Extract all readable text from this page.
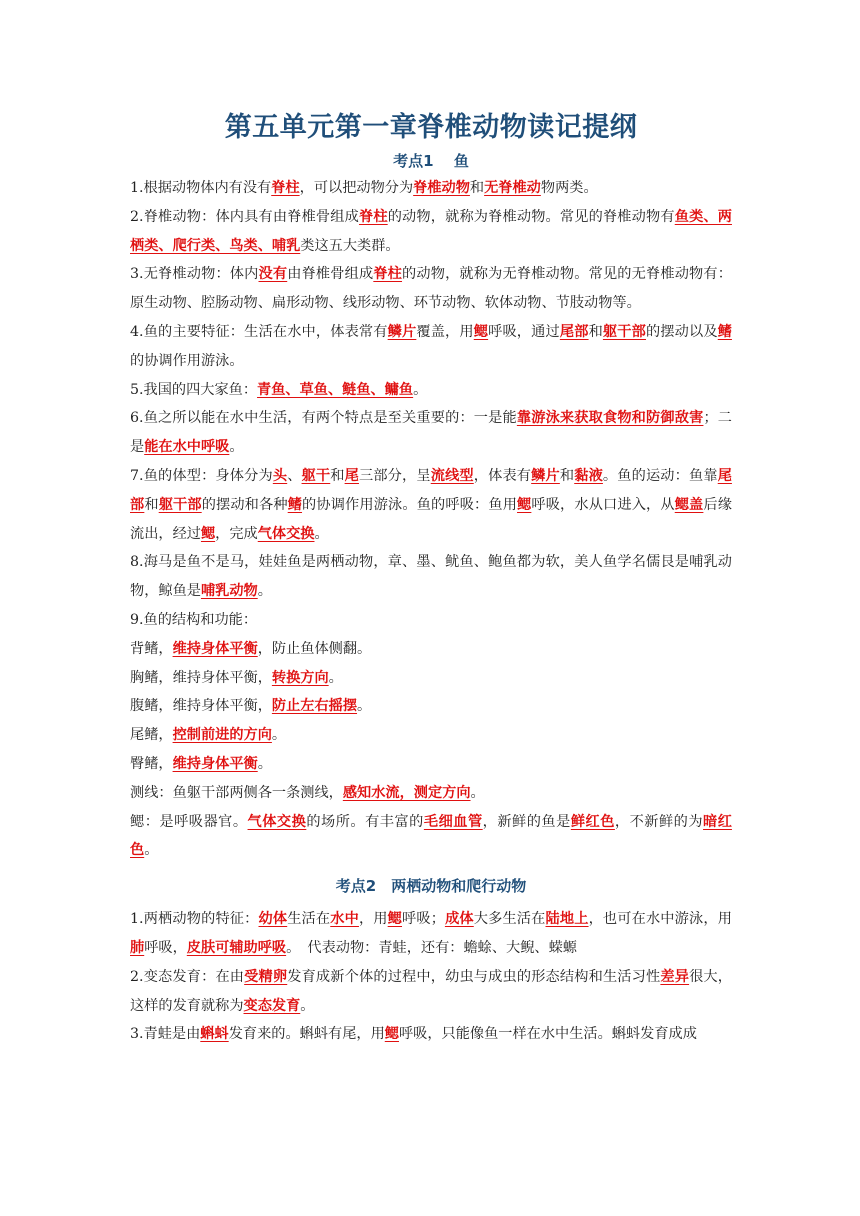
第五单元第一章脊椎动物读记提纲
考点1　 鱼

1.根据动物体内有没有脊柱，可以把动物分为脊椎动物和无脊椎动物两类。

2.脊椎动物：体内具有由脊椎骨组成脊柱的动物，就称为脊椎动物。常见的脊椎动物有鱼类、两栖类、爬行类、鸟类、哺乳类这五大类群。

3.无脊椎动物：体内没有由脊椎骨组成脊柱的动物，就称为无脊椎动物。常见的无脊椎动物有：原生动物、腔肠动物、扁形动物、线形动物、环节动物、软体动物、节肢动物等。

4.鱼的主要特征：生活在水中，体表常有鳞片覆盖，用鳃呼吸，通过尾部和躯干部的摆动以及鳍的协调作用游泳。

5.我国的四大家鱼：青鱼、草鱼、鲢鱼、鳙鱼。

6.鱼之所以能在水中生活，有两个特点是至关重要的：一是能靠游泳来获取食物和防御敌害；二是能在水中呼吸。

7.鱼的体型：身体分为头、躯干和尾三部分，呈流线型，体表有鳞片和黏液。鱼的运动：鱼靠尾部和躯干部的摆动和各种鳍的协调作用游泳。鱼的呼吸：鱼用鳃呼吸，水从口进入，从鳃盖后缘流出，经过鳃，完成气体交换。

8.海马是鱼不是马，娃娃鱼是两栖动物，章、墨、鱿鱼、鲍鱼都为软，美人鱼学名儒艮是哺乳动物，鲸鱼是哺乳动物。

9.鱼的结构和功能：

背鳍，维持身体平衡，防止鱼体侧翻。

胸鳍，维持身体平衡，转换方向。

腹鳍，维持身体平衡，防止左右摇摆。

尾鳍，控制前进的方向。

臀鳍，维持身体平衡。

测线：鱼躯干部两侧各一条测线，感知水流，测定方向。

鳃：是呼吸器官。气体交换的场所。有丰富的毛细血管，新鲜的鱼是鲜红色，不新鲜的为暗红色。

考点2　两栖动物和爬行动物

1.两栖动物的特征：幼体生活在水中，用鳃呼吸；成体大多生活在陆地上，也可在水中游泳，用肺呼吸，皮肤可辅助呼吸。　代表动物：青蛙，还有：蟾蜍、大鲵、蝾螈

2.变态发育：在由受精卵发育成新个体的过程中，幼虫与成虫的形态结构和生活习性差异很大，这样的发育就称为变态发育。

3.青蛙是由蝌蚪发育来的。蝌蚪有尾，用鳃呼吸，只能像鱼一样在水中生活。蝌蚪发育成成
